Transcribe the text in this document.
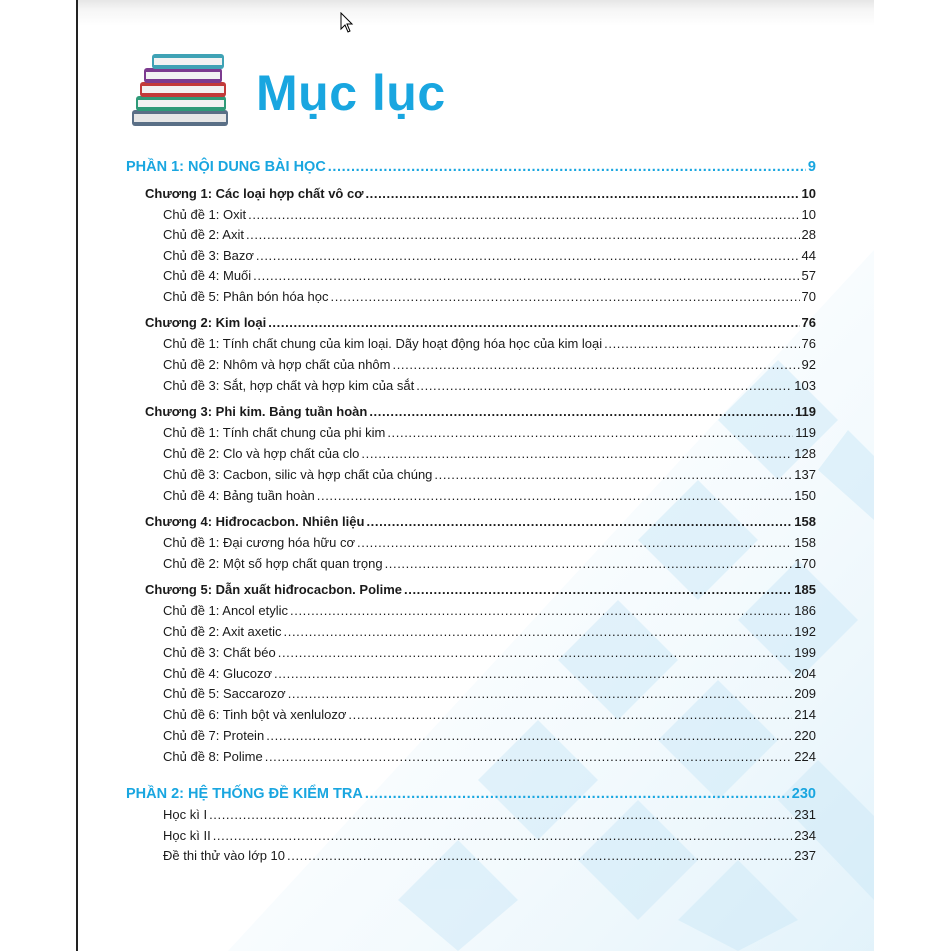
Mục lục
PHẦN 1: NỘI DUNG BÀI HỌC .....	9
Chương 1: Các loại hợp chất vô cơ .....	10
Chủ đề 1: Oxit .....	10
Chủ đề 2: Axit .....	28
Chủ đề 3: Bazơ .....	44
Chủ đề 4: Muối .....	57
Chủ đề 5: Phân bón hóa học .....	70
Chương 2: Kim loại .....	76
Chủ đề 1: Tính chất chung của kim loại. Dãy hoạt động hóa học của kim loại .....	76
Chủ đề 2: Nhôm và hợp chất của nhôm .....	92
Chủ đề 3: Sắt, hợp chất và hợp kim của sắt .....	103
Chương 3: Phi kim. Bảng tuần hoàn .....	119
Chủ đề 1: Tính chất chung của phi kim .....	119
Chủ đề 2: Clo và hợp chất của clo .....	128
Chủ đề 3: Cacbon, silic và hợp chất của chúng .....	137
Chủ đề 4: Bảng tuần hoàn .....	150
Chương 4: Hiđrocacbon. Nhiên liệu .....	158
Chủ đề 1: Đại cương hóa hữu cơ .....	158
Chủ đề 2: Một số hợp chất quan trọng .....	170
Chương 5: Dẫn xuất hiđrocacbon. Polime .....	185
Chủ đề 1: Ancol etylic .....	186
Chủ đề 2: Axit axetic .....	192
Chủ đề 3: Chất béo .....	199
Chủ đề 4: Glucozơ .....	204
Chủ đề 5: Saccarozơ .....	209
Chủ đề 6: Tinh bột và xenlulozơ .....	214
Chủ đề 7: Protein .....	220
Chủ đề 8: Polime .....	224
PHẦN 2: HỆ THỐNG ĐỀ KIỂM TRA .....	230
Học kì I .....	231
Học kì II .....	234
Đề thi thử vào lớp 10 .....	237
